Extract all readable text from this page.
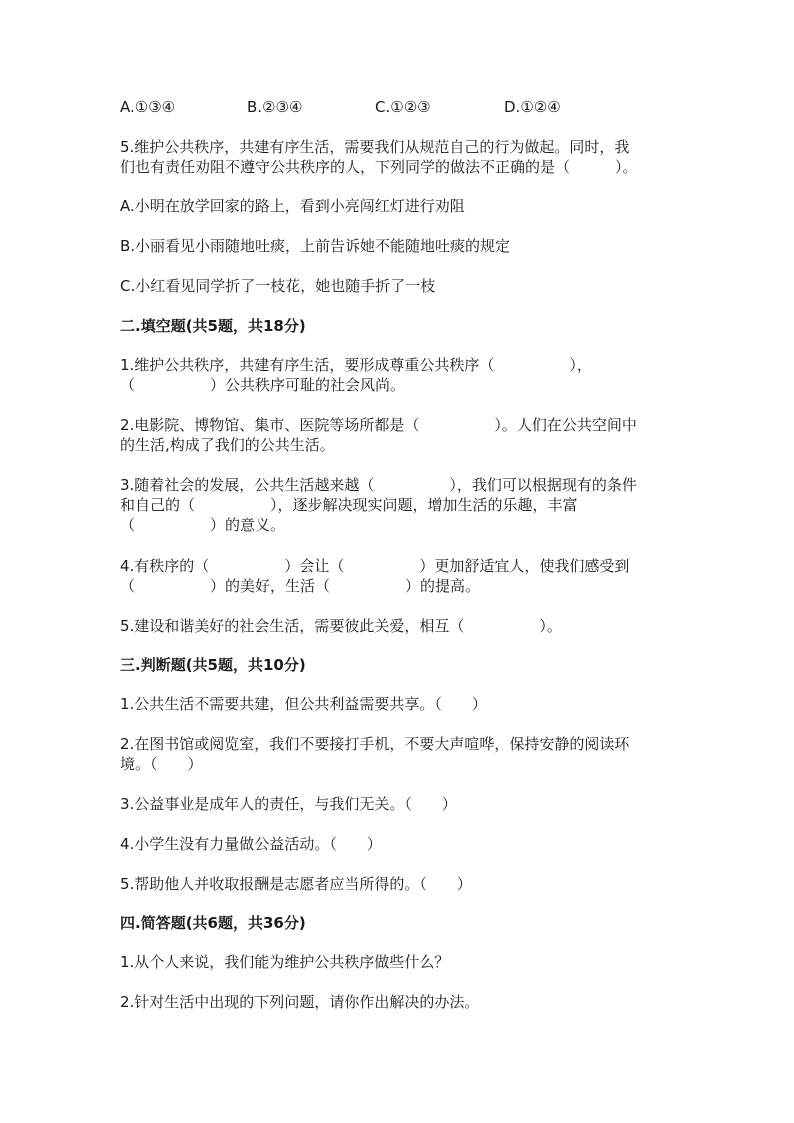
A.①③④	B.②③④	C.①②③	D.①②④
5.维护公共秩序，共建有序生活，需要我们从规范自己的行为做起。同时，我
们也有责任劝阻不遵守公共秩序的人，下列同学的做法不正确的是（　　　）。
A.小明在放学回家的路上，看到小亮闯红灯进行劝阻
B.小丽看见小雨随地吐痰，上前告诉她不能随地吐痰的规定
C.小红看见同学折了一枝花，她也随手折了一枝
二.填空题(共5题，共18分)
1.维护公共秩序，共建有序生活，要形成尊重公共秩序（　　　　　），
（　　　　　）公共秩序可耻的社会风尚。
2.电影院、博物馆、集市、医院等场所都是（　　　　　）。人们在公共空间中
的生活,构成了我们的公共生活。
3.随着社会的发展，公共生活越来越（　　　　　），我们可以根据现有的条件
和自己的（　　　　　），逐步解决现实问题，增加生活的乐趣，丰富
（　　　　　）的意义。
4.有秩序的（　　　　　）会让（　　　　　）更加舒适宜人，使我们感受到
（　　　　　）的美好，生活（　　　　　）的提高。
5.建设和谐美好的社会生活，需要彼此关爱，相互（　　　　　）。
三.判断题(共5题，共10分)
1.公共生活不需要共建，但公共利益需要共享。（　　）
2.在图书馆或阅览室，我们不要接打手机，不要大声喧哗，保持安静的阅读环
境。（　　）
3.公益事业是成年人的责任，与我们无关。（　　）
4.小学生没有力量做公益活动。（　　）
5.帮助他人并收取报酬是志愿者应当所得的。（　　）
四.简答题(共6题，共36分)
1.从个人来说，我们能为维护公共秩序做些什么？
2.针对生活中出现的下列问题，请你作出解决的办法。
